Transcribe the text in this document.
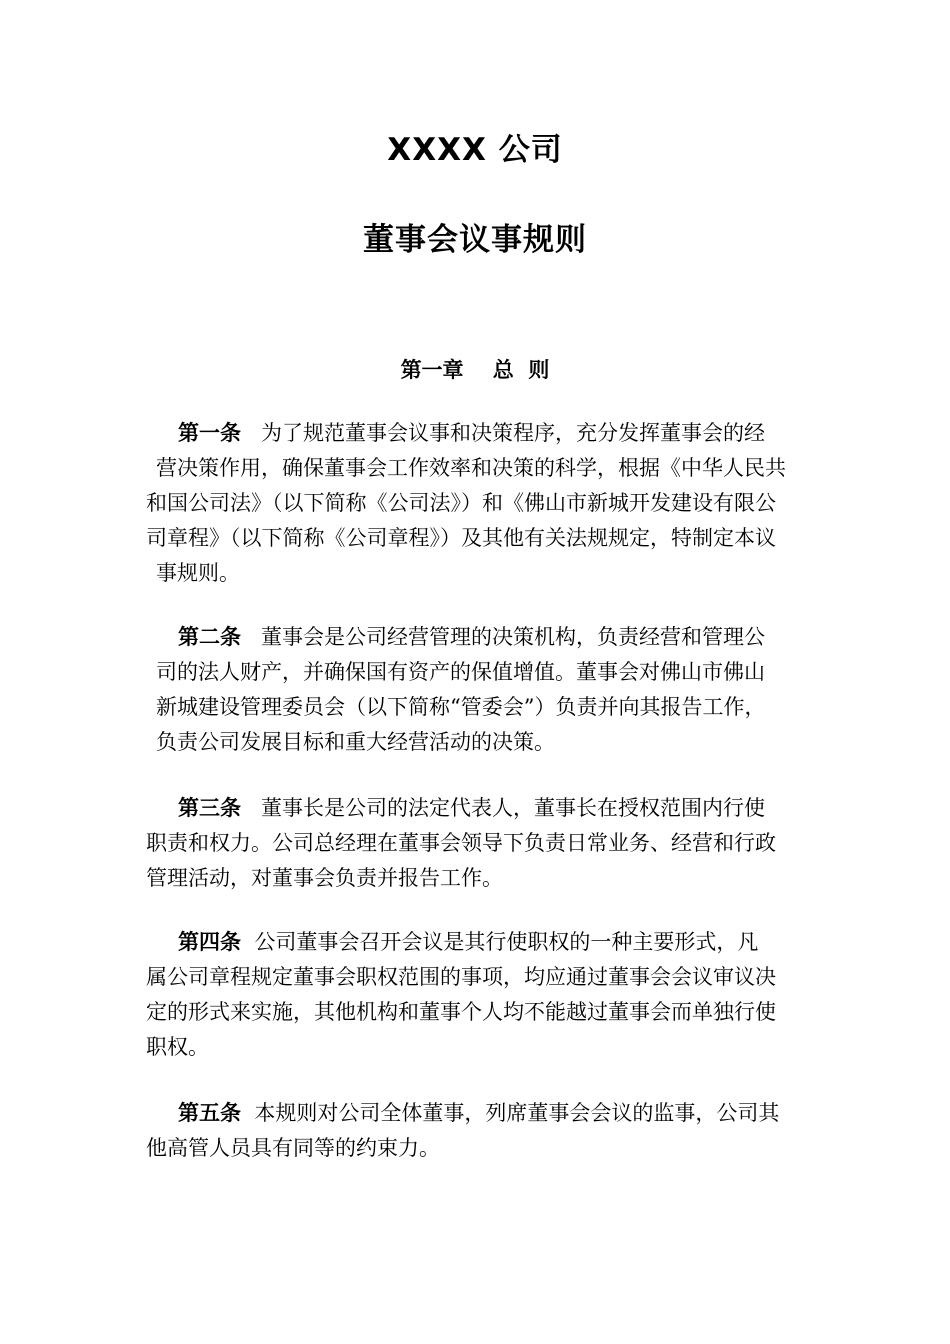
XXXX 公司
董事会议事规则
第一章    总  则
第一条 为了规范董事会议事和决策程序，充分发挥董事会的经
营决策作用，确保董事会工作效率和决策的科学，根据《中华人民共
和国公司法》（以下简称《公司法》）和《佛山市新城开发建设有限公
司章程》（以下简称《公司章程》）及其他有关法规规定，特制定本议
事规则。
第二条 董事会是公司经营管理的决策机构，负责经营和管理公
司的法人财产，并确保国有资产的保值增值。董事会对佛山市佛山
新城建设管理委员会（以下简称“管委会”）负责并向其报告工作，
负责公司发展目标和重大经营活动的决策。
第三条 董事长是公司的法定代表人，董事长在授权范围内行使
职责和权力。公司总经理在董事会领导下负责日常业务、经营和行政
管理活动，对董事会负责并报告工作。
第四条 公司董事会召开会议是其行使职权的一种主要形式，凡
属公司章程规定董事会职权范围的事项，均应通过董事会会议审议决
定的形式来实施，其他机构和董事个人均不能越过董事会而单独行使
职权。
第五条 本规则对公司全体董事，列席董事会会议的监事，公司其
他高管人员具有同等的约束力。
